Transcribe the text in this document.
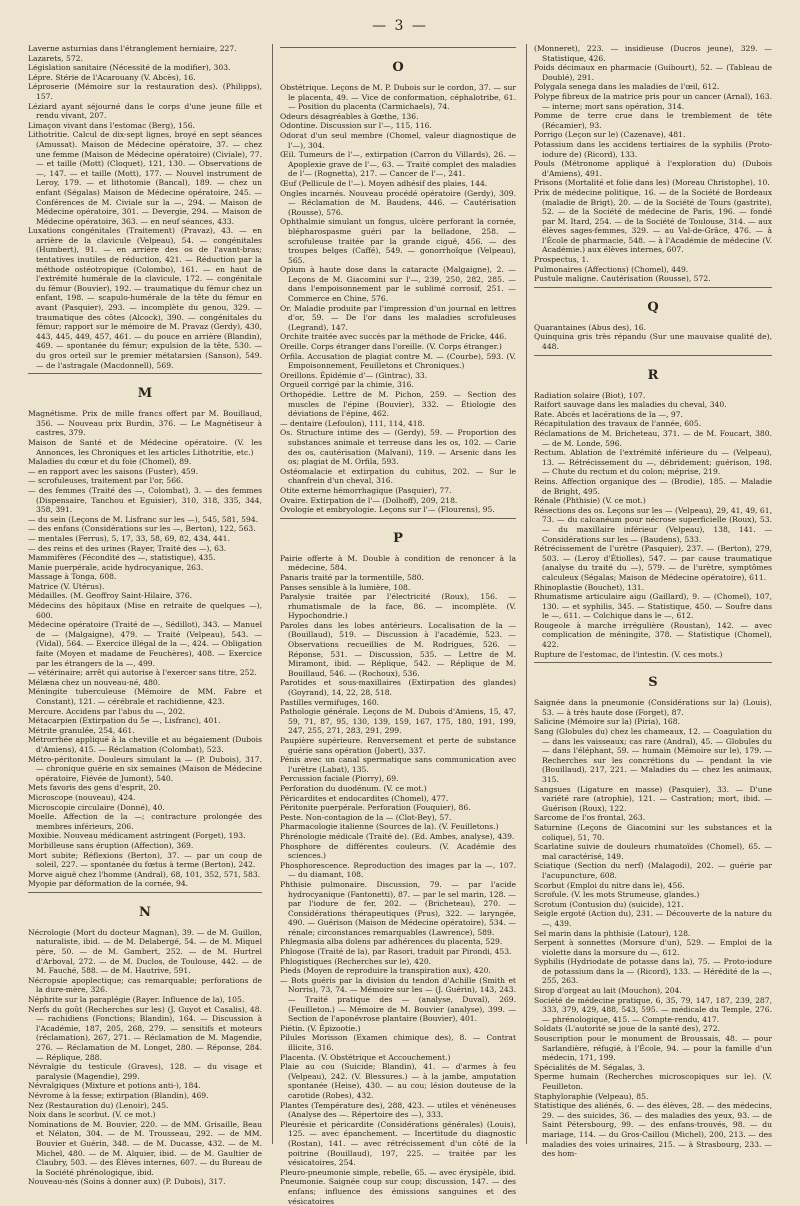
— 3 —

Laverne asturnias dans l'étranglement herniaire, 227.

Lazarets, 572.

Législation sanitaire (Nécessité de la modifier), 303.

Lépre. Stérie de l'Acarouany (V. Abcès), 16.

Léproserie (Mémoire sur la restauration des). (Philipps), 157.

Léziard ayant séjourné dans le corps d'une jeune fille et rendu vivant, 207.

Limaçon vivant dans l'estomac (Berg), 156.

Lithotritie. Calcul de dix-sept lignes, broyé en sept séances (Amussat). Maison de Médecine opératoire, 37. — chez une femme (Maison de Médecine opératoire) (Civiale), 77. — et taille (Mott) (Cloquet), 121, 130. — Observations de —, 147. — et taille (Mott), 177. — Nouvel instrument de Leroy, 179. — et lithotomie (Bancal), 189. — chez un enfant (Ségalas) Maison de Médecine opératoire, 245. — Conférences de M. Civiale sur la —, 294. — Maison de Médecine opératoire, 301. — Devergie, 294. — Maison de Médecine opératoire, 363. — en neuf séances, 433.

Luxations congénitales (Traitement) (Pravaz), 43. — en arrière de la clavicule (Velpeau), 54. — congénitales (Humbert), 91. — en arrière des os de l'avant-bras; tentatives inutiles de réduction, 421. — Réduction par la méthode ostéotropique (Colombo), 161. — en haut de l'extrémité humérale de la clavicule, 172. — congénitale du fémur (Bouvier), 192. — traumatique du fémur chez un enfant, 198. — scapulo-humérale de la tête du fémur en avant (Pasquier), 293. — incomplète du genou, 329. — traumatique des côtes (Alcock), 390. — congénitales du fémur; rapport sur le mémoire de M. Pravaz (Gerdy), 430, 443, 445, 449, 457, 461. — du pouce en arrière (Blandin), 469. — spontanée du fémur; expulsion de la tête, 530. — du gros orteil sur le premier métatarsien (Sanson), 549. — de l'astragale (Macdonnell), 569.

M

Magnétisme. Prix de mille francs offert par M. Bouillaud, 356. — Nouveau prix Burdin, 376. — Le Magnétiseur à castres, 379.

Maison de Santé et de Médecine opératoire. (V. les Annonces, les Chroniques et les articles Lithotritie, etc.)

Maladies du cœur et du foie (Chomel), 89.

— en rapport avec les saisons (Fuster), 459.

— scrofuleuses, traitement par l'or, 566.

— des femmes (Traité des —, Colombat), 3. — des femmes (Dispensaire, Tanchou et Eguisier), 310, 318, 335, 344, 358, 391.

— du sein (Leçons de M. Lisfranc sur les —), 545, 581, 594.

— des enfans (Considérations sur les —, Berton), 122, 563.

— mentales (Ferrus), 5, 17, 33, 58, 69, 82, 434, 441.

— des reins et des urines (Rayer, Traité des —), 63.

Mammifères (Fécondité des —, statistique), 435.

Manie puerpérale, acide hydrocyanique, 263.

Massage à Tonga, 608.

Matrice (V. Utérus).

Médailles. (M. Geoffroy Saint-Hilaire, 376.

Médecins des hôpitaux (Mise en retraite de quelques —), 600.

Médecine opératoire (Traité de —, Sédillot), 343. — Manuel de — (Malgaigne), 479. — Traité (Velpeau), 543. — (Vidal), 564. — Exercice illégal de la —, 424. — Obligation faite (Moyen et madame de Feuchères), 408. — Exercice par les étrangers de la —, 499.

— vétérinaire; arrêt qui autorise à l'exercer sans titre, 252.

Mélæna chez un nouveau-né, 480.

Méningite tuberculeuse (Mémoire de MM. Fabre et Constant), 121. — cérébrale et rachidienne, 423.

Mercure. Accidens par l'abus du —, 202.

Métacarpien (Extirpation du 5e —, Lisfranc), 401.

Métrite granulée, 254, 461.

Métrorrhée appliqué à la cheville et au bégaiement (Dubois d'Amiens), 415. — Réclamation (Colombat), 523.

Métro-péritonite. Douleurs simulant la — (P. Dubois), 317. — chronique guérie en six semaines (Maison de Médecine opératoire, Fiévée de Jumont), 540.

Mets favoris des gens d'esprit, 20.

Microscope (nouveau), 424.

Microscopie circulaire (Donné), 40.

Moelle. Affection de la —; contracture prolongée des membres inférieurs, 206.

Moxibie. Nouveau médicament astringent (Forget), 193.

Morbilleuse sans éruption (Affection), 369.

Mort subite; Réflexions (Berton), 37. — par un coup de soleil, 227. — spontanée du fœtus à terme (Berton), 242.

Morve aiguë chez l'homme (Andral), 68, 101, 352, 571, 583.

Myopie par déformation de la cornée, 94.

N

Nécrologie (Mort du docteur Magnan), 39. — de M. Guillon, naturaliste, ibid. — de M. Delabergé, 54. — de M. Miquel père, 50. — de M. Gambert, 252. — de M. Hurtrel d'Arboval, 272. — de M. Duclos, de Toulouse, 442. — de M. Fauché, 588. — de M. Hautrive, 591.

Nécropsie apoplectique; cas remarquable; perforations de la dure-mère, 326.

Néphrite sur la paraplégie (Rayer. Influence de la), 105.

Nerfs du goût (Recherches sur les) (J. Guyot et Casalis), 48. — rachidiens (Fonctions; Blandin), 164. — Discussion à l'Académie, 187, 205, 268, 279. — sensitifs et moteurs (réclamation), 267, 271. — Réclamation de M. Magendie, 276. — Réclamation de M. Longet, 280. — Réponse, 284. — Réplique, 288.

Névralgie du testicule (Graves), 128. — du visage et paralysie (Magendie), 299.

Névralgiques (Mixture et potions anti-), 184.

Névrome à la fesse; extirpation (Blandin), 469.

Nez (Restauration du) (Lenoir), 245.

Noix dans le scorbut. (V. ce mot.)

Nominations de M. Bouvier, 220. — de MM. Grisaille, Beau et Nélaton, 304. — de M. Trousseau, 292. — de MM. Bouvier et Guérin, 348. — de M. Ducasse, 432. — de M. Michel, 480. — de M. Alquier, ibid. — de M. Gaultier de Claubry, 503. — des Élèves internes, 607. — du Bureau de la Société phrénologique, ibid.

Nouveau-nés (Soins à donner aux) (P. Dubois), 317.

O

Obstétrique. Leçons de M. P. Dubois sur le cordon, 37. — sur le placenta, 49. — Vice de conformation, céphalotribe, 61. — Position du placenta (Carmichaels), 74.

Odeurs désagréables à Gœthe, 136.

Odontine. Discussion sur l'—, 115, 116.

Odorat d'un seul membre (Chomel, valeur diagnostique de l'—), 304.

Œil. Tumeurs de l'—, extirpation (Carron du Villards), 26. — Apoplexie grave de l'—, 63. — Traité complet des maladies de l'— (Rognetta), 217. — Cancer de l'—, 241.

Œuf (Pellicule de l'—). Moyen adhésif des plaies, 144.

Ongles incarnés. Nouveau procédé opératoire (Gerdy), 309. — Réclamation de M. Baudens, 446. — Cautérisation (Rousse), 576.

Ophthalmie simulant un fongus, ulcère perforant la cornée, blépharospasme guéri par la belladone, 258. — scrofuleuse traitée par la grande ciguë, 456. — des troupes belges (Caffé), 549. — gonorrhoïque (Velpeau), 565.

Opium à haute dose dans la cataracte (Malgaigne), 2. — Leçons de M. Giacomini sur l'—, 239, 250, 282, 285. — dans l'empoisonnement par le sublimé corrosif, 251. — Commerce en Chine, 576.

Or. Maladie produite par l'impression d'un journal en lettres d'or, 59. — De l'or dans les maladies scrofuleuses (Legrand), 147.

Orchite traitée avec succès par la méthode de Fricke, 446.

Oreille. Corps étranger dans l'oreille. (V. Corps étranger.)

Orfila. Accusation de plagiat contre M. — (Courbe), 593. (V. Empoisonnement, Feuilletons et Chroniques.)

Oreillons. Épidémie d'— (Gintrac), 33.

Orgueil corrigé par la chimie, 316.

Orthopédie. Lettre de M. Pichon, 259. — Section des muscles de l'épine (Bouvier), 332. — Étiologie des déviations de l'épine, 462.

— dentaire (Lefoulon), 111, 114, 418.

Os. Structure intime des — (Gerdy), 59. — Proportion des substances animale et terreuse dans les os, 102. — Carie des os, cautérisation (Malvani), 119. — Arsenic dans les os; plagiat de M. Orfila, 593.

Ostéomalacie et extirpation du cubitus, 202. — Sur le chanfrein d'un cheval, 316.

Otite externe hémorrhagique (Pasquier), 77.

Ovaire. Extirpation de l'— (Dolhoff), 209, 218.

Ovologie et embryologie. Leçons sur l'— (Flourens), 95.

P

Pairie offerte à M. Double à condition de renoncer à la médecine, 584.

Panaris traité par la tormentille, 580.

Panses sensible à la lumière, 108.

Paralysie traitée par l'électricité (Roux), 156. — rhumatismale de la face, 86. — incomplète. (V. Hypochondrie.)

Paroles dans les lobes antérieurs. Localisation de la — (Bouillaud), 519. — Discussion à l'académie, 523. — Observations recueillies de M. Rodrigues, 526. — Réponse, 531. — Discussion, 535. — Lettre de M. Miramont, ibid. — Réplique, 542. — Réplique de M. Bouillaud, 546. — (Rochoux), 536.

Parotides et sous-maxillaires (Extirpation des glandes) (Goyrand), 14, 22, 28, 518.

Pastilles vermifuges, 160.

Pathologie générale. Leçons de M. Dubois d'Amiens, 15, 47, 59, 71, 87, 95, 130, 139, 159, 167, 175, 180, 191, 199, 247, 255, 271, 283, 291, 299.

Paupière supérieure. Renversement et perte de substance guérie sans opération (Jobert), 337.

Pénis avec un canal spermatique sans communication avec l'urètre (Labat), 135.

Percussion faciale (Piorry), 69.

Perforation du duodénum. (V. ce mot.)

Péricardites et endocardites (Chomel), 477.

Péritonite puerpérale. Perforation (Fouquier), 86.

Peste. Non-contagion de la — (Clot-Bey), 57.

Pharmacologie italienne (Sources de la). (V. Feuilletons.)

Phrénologie médicale (Traité de). (Ed. Ambes, analyse), 439.

Phosphore de différentes couleurs. (V. Académie des sciences.)

Phosphorescence. Reproduction des images par la —, 107. — du diamant, 108.

Phthisie pulmonaire. Discussion, 79. — par l'acide hydrocyanique (Fantonetti), 87. — par le sel marin, 128. — par l'iodure de fer, 202. — (Bricheteau), 270. — Considérations thérapeutiques (Prus), 322. — laryngée, 490. — Guérison (Maison de Médecine opératoire), 534. — rénale; circonstances remarquables (Lawrence), 589.

Phlegmasia alba dolens par adhérences du placenta, 529.

Phlogose (Traité de la), par Rasori, traduit par Pirondi, 453.

Phlogistiques (Recherches sur le), 420.

Pieds (Moyen de reproduire la transpiration aux), 420.

— Bots guéris par la division du tendon d'Achille (Smith et Norris), 73, 74. — Mémoire sur les — (J. Guérin), 143, 243. — Traité pratique des — (analyse, Duval), 269. (Feuilleton.) — Mémoire de M. Bouvier (analyse), 399. — Section de l'aponévrose plantaire (Bouvier), 401.

Piétin. (V. Épizootie.)

Pilules Morisson (Examen chimique des), 8. — Contrat illicite, 316.

Placenta. (V. Obstétrique et Accouchement.)

Plaie au cou (Suicide; Blandin), 41. — d'armes à feu (Velpeau), 242. (V. Blessures.) — à la jambe, amputation spontanée (Heise), 430. — au cou; lésion douteuse de la carotide (Robes), 432.

Plantes (Température des), 288, 423. — utiles et vénéneuses (Analyse des —. Répertoire des —), 333.

Pleurésie et péricardite (Considérations générales) (Louis), 125. — avec épanchement. — Incertitude du diagnostic (Rostan), 141. — avec rétrécissement d'un côté de la poitrine (Bouillaud), 197, 225. — traitée par les vésicatoires, 254.

Pleuro-pneumonie simple, rebelle, 65. — avec érysipèle, ibid.

Pneumonie. Saignée coup sur coup; discussion, 147. — des enfans; influence des émissions sanguines et des vésicatoires

(Monneret), 223. — insidieuse (Ducros jeune), 329. — Statistique, 426.

Poids décimaux en pharmacie (Guibourt), 52. — (Tableau de Doublé), 291.

Polygala senega dans les maladies de l'œil, 612.

Polype fibreux de la matrice pris pour un cancer (Arnal), 163. — interne; mort sans opération, 314.

Pomme de terre crue dans le tremblement de tête (Récamier), 93.

Porrigo (Leçon sur le) (Cazenave), 481.

Potassium dans les accidens tertiaires de la syphilis (Proto-iodure de) (Ricord), 133.

Pouls (Métronome appliqué à l'exploration du) (Dubois d'Amiens), 491.

Prisons (Mortalité et folie dans les) (Moreau Christophe), 10.

Prix de médecine politique, 16. — de la Société de Bordeaux (maladie de Brigt), 20. — de la Société de Tours (gastrite), 52. — de la Société de médecine de Paris, 196. — fondé par M. Itard, 254. — de la Société de Toulouse, 314. — aux élèves sages-femmes, 329. — au Val-de-Grâce, 476. — à l'École de pharmacie, 548. — à l'Académie de médecine (V. Académie.) aux élèves internes, 607.

Prospectus, 1.

Pulmonaires (Affections) (Chomel), 449.

Pustule maligne. Cautérisation (Rousse), 572.

Q

Quarantaines (Abus des), 16.

Quinquina gris très répandu (Sur une mauvaise qualité de), 448.

R

Radiation solaire (Biot), 107.

Raifort sauvage dans les maladies du cheval, 340.

Rate. Abcès et lacérations de la —, 97.

Récapitulation des travaux de l'année, 605.

Réclamations de M. Bricheteau, 371. — de M. Foucart, 380. — de M. Londe, 596.

Rectum. Ablation de l'extrémité inférieure du — (Velpeau), 13. — Rétrécissement du —, débridement; guérison, 198. — Chute du rectum et du colon; méprise, 219.

Reins. Affection organique des — (Brodie), 185. — Maladie de Bright, 495.

Rénale (Phthisie) (V. ce mot.)

Résections des os. Leçons sur les — (Velpeau), 29, 41, 49, 61, 73. — du calcanéum pour nécrose superficielle (Roux), 53. — du maxillaire inférieur (Velpeau), 138, 141. — Considérations sur les — (Baudens), 533.

Rétrécissement de l'urètre (Pasquier), 237. — (Berton), 279, 503. — (Leroy d'Étiolles), 547. — par cause traumatique (analyse du traité du —), 579. — de l'urètre, symptômes calculeux (Ségalas; Maison de Médecine opératoire), 611.

Rhinoplastie (Bouchet), 131.

Rhumatisme articulaire aigu (Gaillard), 9. — (Chomel), 107, 130. — et syphilis, 345. — Statistique, 450. — Soufre dans le —, 611. — Colchique dans le —, 612.

Rougeole à marche irrégulière (Roustan), 142. — avec complication de méningite, 378. — Statistique (Chomel), 422.

Rupture de l'estomac, de l'intestin. (V. ces mots.)

S

Saignée dans la pneumonie (Considérations sur la) (Louis), 53. — à très haute dose (Forget), 87.

Salicine (Mémoire sur la) (Piria), 168.

Sang (Globules du) chez les chameaux, 12. — Coagulation du — dans les vaisseaux; cas rare (Andral), 45. — Globules du — dans l'éléphant, 59. — humain (Mémoire sur le), 179. — Recherches sur les concrétions du — pendant la vie (Bouillaud), 217, 221. — Maladies du — chez les animaux, 315.

Sangsues (Ligature en masse) (Pasquier), 33. — D'une variété rare (atrophie), 121. — Castration; mort, ibid. — Guérison (Roux), 122.

Sarcome de l'os frontal, 263.

Saturnine (Leçons de Giacomini sur les substances et la colique), 51, 70.

Scarlatine suivie de douleurs rhumatoïdes (Chomel), 65. — mal caractérisé, 149.

Sciatique (Section du nerf) (Malagodi), 202. — guérie par l'acupuncture, 608.

Scorbut (Emploi du nitre dans le), 456.

Scrofule. (V. les mots Strumeuse, glandes.)

Scrotum (Contusion du) (suicide), 121.

Seigle ergoté (Action du), 231. — Découverte de la nature du —, 439.

Sel marin dans la phthisie (Latour), 128.

Serpent à sonnettes (Morsure d'un), 529. — Emploi de la violette dans la morsure du —, 612.

Syphilis (Hydriodate de potasse dans la), 75. — Proto-iodure de potassium dans la — (Ricord), 133. — Hérédité de la —, 255, 263.

Sirop d'orgeat au lait (Mouchon), 204.

Société de médecine pratique, 6, 35, 79, 147, 187, 239, 287, 333, 379, 429, 488, 543, 595. — médicale du Temple, 276. — phrénologique, 415. — Compte-rendu, 417.

Soldats (L'autorité se joue de la santé des), 272.

Souscription pour le monument de Broussais, 48. — pour Sarlandière, réfugié, à l'École, 94. — pour la famille d'un médecin, 171, 199.

Spécialités de M. Ségalas, 3.

Sperme humain (Recherches microscopiques sur le). (V. Feuilleton.

Staphyloraphie (Velpeau), 85.

Statistique des aliénés, 6. — des élèves, 28. — des médecins, 29. — des suicides, 36. — des maladies des yeux, 93. — de Saint Pétersbourg, 99. — des enfans-trouvés, 98. — du mariage, 114. — du Gros-Caillou (Michel), 200, 213. — des maladies des voies urinaires, 215. — à Strasbourg, 233. — des hom-
